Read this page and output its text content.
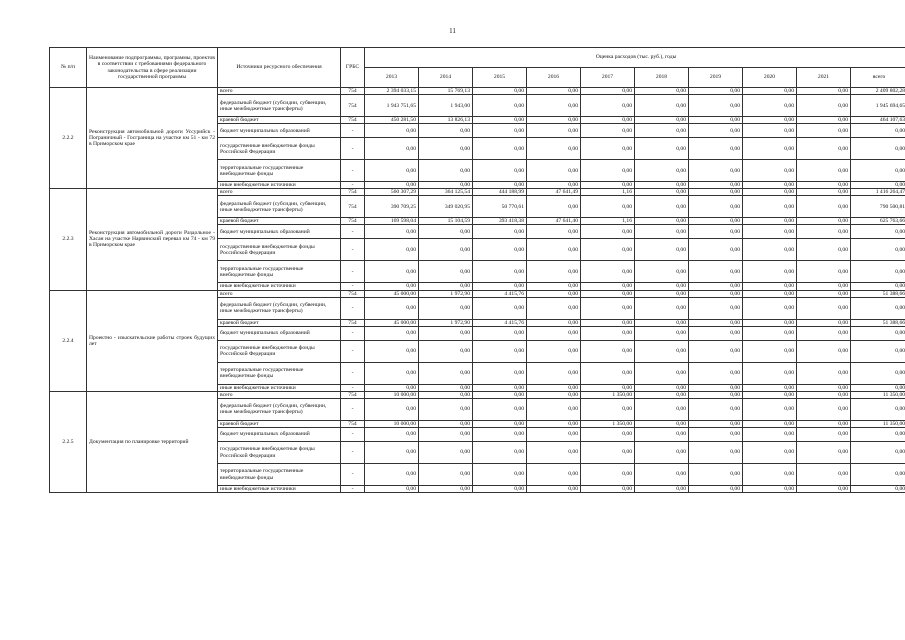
11
№ п/п	Наименование подпрограммы, программы, проектов в соответствии с требованиями федерального законодательства в сфере реализации государственной программы	Источники ресурсного обеспечения	ГРБС	Оценка расходов (тыс. руб.), годы									
				2013	2014	2015	2016	2017	2018	2019	2020	2021	всего
2.2.2	Реконструкция автомобильной дороги Уссурийск - Пограничный - Госграница на участке км 51 - км 72 в Приморском крае	всего	754	2 394 033,15	15 769,13	0,00	0,00	0,00	0,00	0,00	0,00	0,00	2 409 802,28
		федеральный бюджет (субсидии, субвенции, иные межбюджетные трансферты)	754	1 943 751,65	1 943,00	0,00	0,00	0,00	0,00	0,00	0,00	0,00	1 945 694,65
		краевой бюджет	754	450 281,50	13 826,13	0,00	0,00	0,00	0,00	0,00	0,00	0,00	464 107,63
		бюджет муниципальных образований	-	0,00	0,00	0,00	0,00	0,00	0,00	0,00	0,00	0,00	0,00
		государственные внебюджетные фонды Российской Федерации	-	0,00	0,00	0,00	0,00	0,00	0,00	0,00	0,00	0,00	0,00
		территориальные государственные внебюджетные фонды	-	0,00	0,00	0,00	0,00	0,00	0,00	0,00	0,00	0,00	0,00
		иные внебюджетные источники	-	0,00	0,00	0,00	0,00	0,00	0,00	0,00	0,00	0,00	0,00
2.2.3	Реконструкция автомобильной дороги Раздольное - Хасан на участке Нарвинский перевал км 74 - км 79 в Приморском крае	всего	754	560 307,29	364 125,54	444 188,99	47 641,49	1,16	0,00	0,00	0,00	0,00	1 416 264,47
		федеральный бюджет (субсидии, субвенции, иные межбюджетные трансферты)	754	390 709,25	349 020,95	50 770,61	0,00	0,00	0,00	0,00	0,00	0,00	790 500,81
		краевой бюджет	754	169 598,04	15 104,59	393 418,38	47 641,40	1,16	0,00	0,00	0,00	0,00	625 763,66
		бюджет муниципальных образований	-	0,00	0,00	0,00	0,00	0,00	0,00	0,00	0,00	0,00	0,00
		государственные внебюджетные фонды Российской Федерации	-	0,00	0,00	0,00	0,00	0,00	0,00	0,00	0,00	0,00	0,00
		территориальные государственные внебюджетные фонды	-	0,00	0,00	0,00	0,00	0,00	0,00	0,00	0,00	0,00	0,00
		иные внебюджетные источники	-	0,00	0,00	0,00	0,00	0,00	0,00	0,00	0,00	0,00	0,00
2.2.4	Проектно - изыскательские работы строек будущих лет	всего	754	45 000,00	1 972,90	4 415,76	0,00	0,00	0,00	0,00	0,00	0,00	51 388,66
		федеральный бюджет (субсидии, субвенции, иные межбюджетные трансферты)	-	0,00	0,00	0,00	0,00	0,00	0,00	0,00	0,00	0,00	0,00
		краевой бюджет	754	45 000,00	1 972,90	4 415,76	0,00	0,00	0,00	0,00	0,00	0,00	51 388,66
		бюджет муниципальных образований	-	0,00	0,00	0,00	0,00	0,00	0,00	0,00	0,00	0,00	0,00
		государственные внебюджетные фонды Российской Федерации	-	0,00	0,00	0,00	0,00	0,00	0,00	0,00	0,00	0,00	0,00
		территориальные государственные внебюджетные фонды	-	0,00	0,00	0,00	0,00	0,00	0,00	0,00	0,00	0,00	0,00
		иные внебюджетные источники	-	0,00	0,00	0,00	0,00	0,00	0,00	0,00	0,00	0,00	0,00
2.2.5	Документация по планировке территорий	всего	754	10 000,00	0,00	0,00	0,00	1 350,00	0,00	0,00	0,00	0,00	11 350,00
		федеральный бюджет (субсидии, субвенции, иные межбюджетные трансферты)	-	0,00	0,00	0,00	0,00	0,00	0,00	0,00	0,00	0,00	0,00
		краевой бюджет	754	10 000,00	0,00	0,00	0,00	1 350,00	0,00	0,00	0,00	0,00	11 350,00
		бюджет муниципальных образований	-	0,00	0,00	0,00	0,00	0,00	0,00	0,00	0,00	0,00	0,00
		государственные внебюджетные фонды Российской Федерации	-	0,00	0,00	0,00	0,00	0,00	0,00	0,00	0,00	0,00	0,00
		территориальные государственные внебюджетные фонды	-	0,00	0,00	0,00	0,00	0,00	0,00	0,00	0,00	0,00	0,00
		иные внебюджетные источники	-	0,00	0,00	0,00	0,00	0,00	0,00	0,00	0,00	0,00	0,00
